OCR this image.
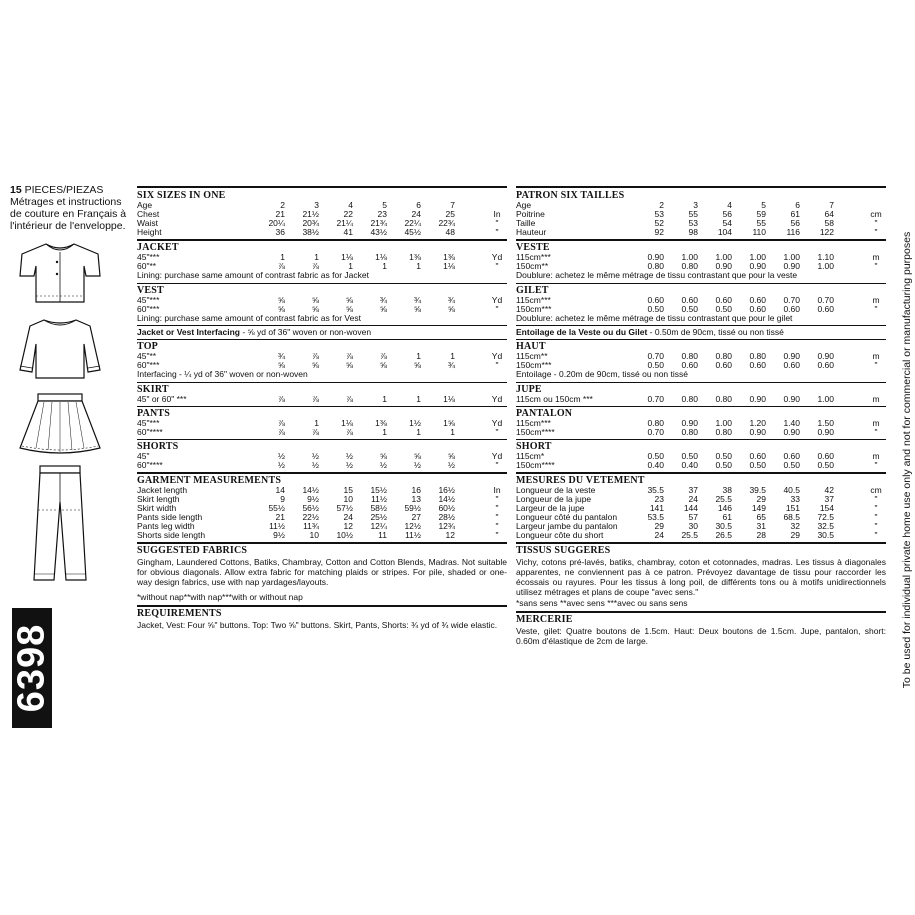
15 PIECES/PIEZAS
Métrages et instructions
de couture en Français à
l'intérieur de l'enveloppe.
6398	To be used for individual private home use only and not for commercial or manufacturing purposes
SIX SIZES IN ONE
Age	2	3	4	5	6	7
Chest	21	21½	22	23	24	25	In
Waist	20¼	20¾	21¼	21¾	22¼	22¾	"
Height	36	38½	41	43½	45½	48	"
JACKET
45"***	1	1	1⅛	1⅛	1⅜	1⅜	Yd
60"**	⅞	⅞	1	1	1	1⅛	"
Lining: purchase same amount of contrast fabric as for Jacket
VEST
45"***	⅝	⅝	⅝	¾	¾	¾	Yd
60"***	⅝	⅝	⅝	⅝	⅝	⅝	"
Lining: purchase same amount of contrast fabric as for Vest
Jacket or Vest Interfacing - ⅝ yd of 36" woven or non-woven
TOP
45"**	¾	⅞	⅞	⅞	1	1	Yd
60"***	⅝	⅝	⅝	⅝	⅝	¾	"
Interfacing - ¼ yd of 36" woven or non-woven
SKIRT
45" or 60" ***	⅞	⅞	⅞	1	1	1⅛	Yd
PANTS
45"***	⅞	1	1⅛	1⅜	1½	1⅝	Yd
60"****	⅞	⅞	⅞	1	1	1	"
SHORTS
45"	½	½	½	⅝	⅝	⅝	Yd
60"****	½	½	½	½	½	½	"
GARMENT MEASUREMENTS
Jacket length	14	14½	15	15½	16	16½	In
Skirt length	9	9½	10	11½	13	14½	"
Skirt width	55½	56½	57½	58½	59½	60½	"
Pants side length	21	22½	24	25½	27	28½	"
Pants leg width	11½	11¾	12	12¼	12½	12¾	"
Shorts side length	9½	10	10½	11	11½	12	"
SUGGESTED FABRICS
Gingham, Laundered Cottons, Batiks, Chambray, Cotton and Cotton Blends, Madras. Not suitable for obvious diagonals. Allow extra fabric for matching plaids or stripes. For pile, shaded or one-way design fabrics, use with nap yardages/layouts.
*without nap**with nap***with or without nap
REQUIREMENTS
Jacket, Vest: Four ⅝" buttons. Top: Two ⅝" buttons. Skirt, Pants, Shorts: ¾ yd of ¾ wide elastic.
PATRON SIX TAILLES
Age	2	3	4	5	6	7
Poitrine	53	55	56	59	61	64	cm
Taille	52	53	54	55	56	58	"
Hauteur	92	98	104	110	116	122	"
VESTE
115cm***	0.90	1.00	1.00	1.00	1.00	1.10	m
150cm**	0.80	0.80	0.90	0.90	0.90	1.00	"
Doublure: achetez le même métrage de tissu contrastant que pour la veste
GILET
115cm***	0.60	0.60	0.60	0.60	0.70	0.70	m
150cm***	0.50	0.50	0.50	0.60	0.60	0.60	"
Doublure: achetez le même métrage de tissu contrastant que pour le gilet
Entoilage de la Veste ou du Gilet - 0.50m de 90cm, tissé ou non tissé
HAUT
115cm**	0.70	0.80	0.80	0.80	0.90	0.90	m
150cm***	0.50	0.60	0.60	0.60	0.60	0.60	"
Entoilage - 0.20m de 90cm, tissé ou non tissé
JUPE
115cm ou 150cm ***	0.70	0.80	0.80	0.90	0.90	1.00	m
PANTALON
115cm***	0.80	0.90	1.00	1.20	1.40	1.50	m
150cm****	0.70	0.80	0.80	0.90	0.90	0.90	"
SHORT
115cm*	0.50	0.50	0.50	0.60	0.60	0.60	m
150cm****	0.40	0.40	0.50	0.50	0.50	0.50	"
MESURES DU VETEMENT
Longueur de la veste	35.5	37	38	39.5	40.5	42	cm
Longueur de la jupe	23	24	25.5	29	33	37	"
Largeur de la jupe	141	144	146	149	151	154	"
Longueur côté du pantalon	53.5	57	61	65	68.5	72.5	"
Largeur jambe du pantalon	29	30	30.5	31	32	32.5	"
Longueur côte du short	24	25.5	26.5	28	29	30.5	"
TISSUS SUGGERES
Vichy, cotons pré-lavés, batiks, chambray, coton et cotonnades, madras. Les tissus à diagonales apparentes, ne conviennent pas à ce patron. Prévoyez davantage de tissu pour raccorder les écossais ou rayures. Pour les tissus à long poil, de différents tons ou à motifs unidirectionnels utilisez métrages et plans de coupe "avec sens."
*sans sens **avec sens ***avec ou sans sens
MERCERIE
Veste, gilet: Quatre boutons de 1.5cm. Haut: Deux boutons de 1.5cm. Jupe, pantalon, short: 0.60m d'élastique de 2cm de large.
